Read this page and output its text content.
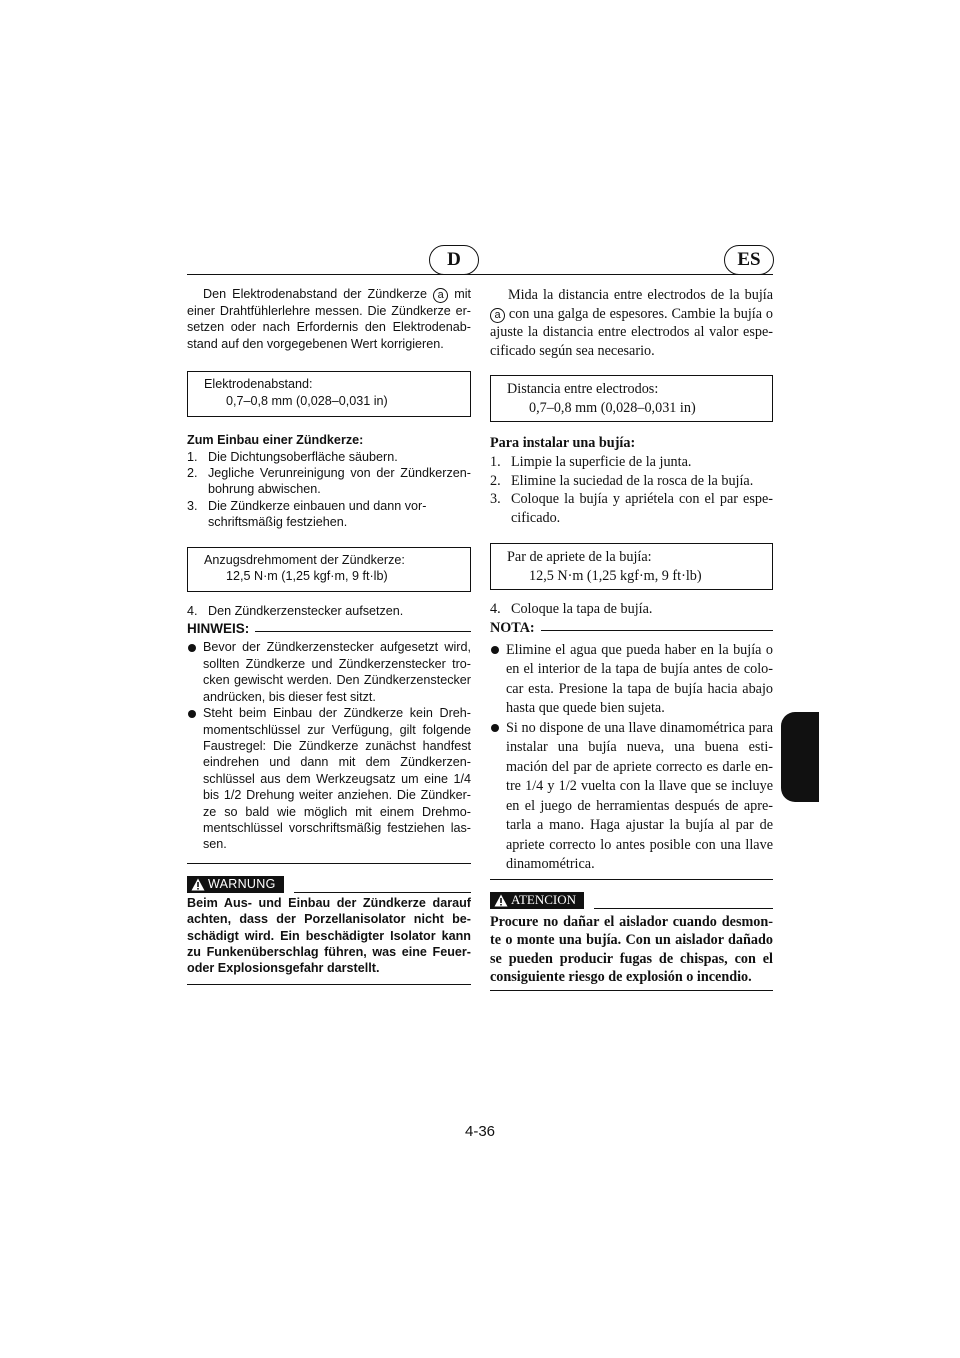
D	ES

Den Elektrodenabstand der Zündkerze a mit einer Drahtfühlerlehre messen. Die Zündkerze er-setzen oder nach Erfordernis den Elektrodenab-stand auf den vorgegebenen Wert korrigieren.

Elektrodenabstand:
0,7–0,8 mm (0,028–0,031 in)
Zum Einbau einer Zündkerze:
1. Die Dichtungsoberfläche säubern.
2. Jegliche Verunreinigung von der Zündkerzen-bohrung abwischen.
3. Die Zündkerze einbauen und dann vor-schriftsmäßig festziehen.
Anzugsdrehmoment der Zündkerze:
12,5 N·m (1,25 kgf·m, 9 ft·lb)
4. Den Zündkerzenstecker aufsetzen.
HINWEIS:
Bevor der Zündkerzenstecker aufgesetzt wird, sollten Zündkerze und Zündkerzenstecker tro-cken gewischt werden. Den Zündkerzenstecker andrücken, bis dieser fest sitzt.
Steht beim Einbau der Zündkerze kein Dreh-momentschlüssel zur Verfügung, gilt folgende Faustregel: Die Zündkerze zunächst handfest eindrehen und dann mit dem Zündkerzen-schlüssel aus dem Werkzeugsatz um eine 1/4 bis 1/2 Drehung weiter anziehen. Die Zündker-ze so bald wie möglich mit einem Drehmo-mentschlüssel vorschriftsmäßig festziehen las-sen.
WARNUNG

Beim Aus- und Einbau der Zündkerze darauf achten, dass der Porzellanisolator nicht be-schädigt wird. Ein beschädigter Isolator kann zu Funkenüberschlag führen, was eine Feuer-oder Explosionsgefahr darstellt.

Mida la distancia entre electrodos de la bujía a con una galga de espesores. Cambie la bujía o ajuste la distancia entre electrodos al valor espe-cificado según sea necesario.

Distancia entre electrodos:
0,7–0,8 mm (0,028–0,031 in)
Para instalar una bujía:
1. Limpie la superficie de la junta.
2. Elimine la suciedad de la rosca de la bujía.
3. Coloque la bujía y apriétela con el par espe-cificado.
Par de apriete de la bujía:
12,5 N·m (1,25 kgf·m, 9 ft·lb)
4. Coloque la tapa de bujía.
NOTA:
Elimine el agua que pueda haber en la bujía o en el interior de la tapa de bujía antes de colo-car esta. Presione la tapa de bujía hacia abajo hasta que quede bien sujeta.
Si no dispone de una llave dinamométrica para instalar una bujía nueva, una buena esti-mación del par de apriete correcto es darle en-tre 1/4 y 1/2 vuelta con la llave que se incluye en el juego de herramientas después de apre-tarla a mano. Haga ajustar la bujía al par de apriete correcto lo antes posible con una llave dinamométrica.
ATENCION

Procure no dañar el aislador cuando desmon-te o monte una bujía. Con un aislador dañado se pueden producir fugas de chispas, con el consiguiente riesgo de explosión o incendio.

4-36
